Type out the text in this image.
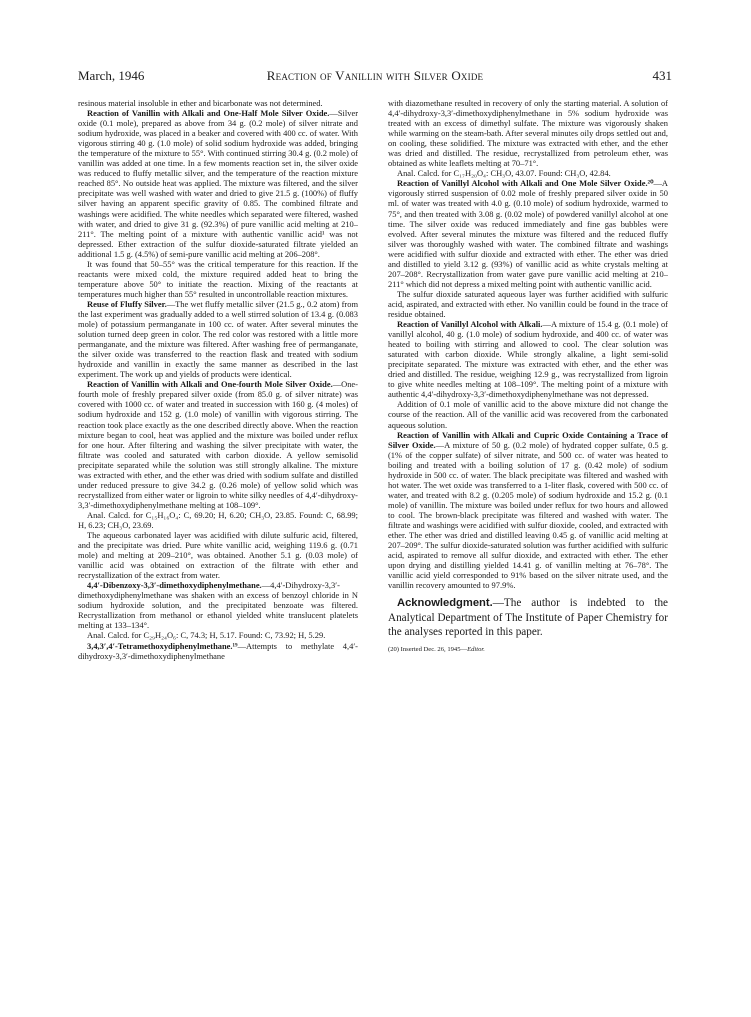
March, 1946	Reaction of Vanillin with Silver Oxide	431

resinous material insoluble in ether and bicarbonate was not determined.

Reaction of Vanillin with Alkali and One-Half Mole Silver Oxide.—Silver oxide (0.1 mole), prepared as above from 34 g. (0.2 mole) of silver nitrate and sodium hydroxide, was placed in a beaker and covered with 400 cc. of water. With vigorous stirring 40 g. (1.0 mole) of solid sodium hydroxide was added, bringing the temperature of the mixture to 55°. With continued stirring 30.4 g. (0.2 mole) of vanillin was added at one time. In a few moments reaction set in, the silver oxide was reduced to fluffy metallic silver, and the temperature of the reaction mixture reached 85°. No outside heat was applied. The mixture was filtered, and the silver precipitate was well washed with water and dried to give 21.5 g. (100%) of fluffy silver having an apparent specific gravity of 0.85. The combined filtrate and washings were acidified. The white needles which separated were filtered, washed with water, and dried to give 31 g. (92.3%) of pure vanillic acid melting at 210–211°. The melting point of a mixture with authentic vanillic acid¹ was not depressed. Ether extraction of the sulfur dioxide-saturated filtrate yielded an additional 1.5 g. (4.5%) of semi-pure vanillic acid melting at 206–208°.

It was found that 50–55° was the critical temperature for this reaction. If the reactants were mixed cold, the mixture required added heat to bring the temperature above 50° to initiate the reaction. Mixing of the reactants at temperatures much higher than 55° resulted in uncontrollable reaction mixtures.

Reuse of Fluffy Silver.—The wet fluffy metallic silver (21.5 g., 0.2 atom) from the last experiment was gradually added to a well stirred solution of 13.4 g. (0.083 mole) of potassium permanganate in 100 cc. of water. After several minutes the solution turned deep green in color. The red color was restored with a little more permanganate, and the mixture was filtered. After washing free of permanganate, the silver oxide was transferred to the reaction flask and treated with sodium hydroxide and vanillin in exactly the same manner as described in the last experiment. The work up and yields of products were identical.

Reaction of Vanillin with Alkali and One-fourth Mole Silver Oxide.—One-fourth mole of freshly prepared silver oxide (from 85.0 g. of silver nitrate) was covered with 1000 cc. of water and treated in succession with 160 g. (4 moles) of sodium hydroxide and 152 g. (1.0 mole) of vanillin with vigorous stirring. The reaction took place exactly as the one described directly above. When the reaction mixture began to cool, heat was applied and the mixture was boiled under reflux for one hour. After filtering and washing the silver precipitate with water, the filtrate was cooled and saturated with carbon dioxide. A yellow semisolid precipitate separated while the solution was still strongly alkaline. The mixture was extracted with ether, and the ether was dried with sodium sulfate and distilled under reduced pressure to give 34.2 g. (0.26 mole) of yellow solid which was recrystallized from either water or ligroin to white silky needles of 4,4′-dihydroxy-3,3′-dimethoxydiphenylmethane melting at 108–109°.

Anal. Calcd. for C₁₅H₁₆O₄: C, 69.20; H, 6.20; CH₃O, 23.85. Found: C, 68.99; H, 6.23; CH₃O, 23.69.

The aqueous carbonated layer was acidified with dilute sulfuric acid, filtered, and the precipitate was dried. Pure white vanillic acid, weighing 119.6 g. (0.71 mole) and melting at 209–210°, was obtained. Another 5.1 g. (0.03 mole) of vanillic acid was obtained on extraction of the filtrate with ether and recrystallization of the extract from water.

4,4′-Dibenzoxy-3,3′-dimethoxydiphenylmethane.—4,4′-Dihydroxy-3,3′-dimethoxydiphenylmethane was shaken with an excess of benzoyl chloride in N sodium hydroxide solution, and the precipitated benzoate was filtered. Recrystallization from methanol or ethanol yielded white translucent platelets melting at 133–134°.

Anal. Calcd. for C₂₉H₂₄O₆: C, 74.3; H, 5.17. Found: C, 73.92; H, 5.29.

3,4,3′,4′-Tetramethoxydiphenylmethane.¹⁹—Attempts to methylate 4,4′-dihydroxy-3,3′-dimethoxydiphenylmethane

with diazomethane resulted in recovery of only the starting material. A solution of 4,4′-dihydroxy-3,3′-dimethoxydiphenylmethane in 5% sodium hydroxide was treated with an excess of dimethyl sulfate. The mixture was vigorously shaken while warming on the steam-bath. After several minutes oily drops settled out and, on cooling, these solidified. The mixture was extracted with ether, and the ether was dried and distilled. The residue, recrystallized from petroleum ether, was obtained as white leaflets melting at 70–71°.

Anal. Calcd. for C₁₇H₂₀O₄: CH₃O, 43.07. Found: CH₃O, 42.84.

Reaction of Vanillyl Alcohol with Alkali and One Mole Silver Oxide.²⁰—A vigorously stirred suspension of 0.02 mole of freshly prepared silver oxide in 50 ml. of water was treated with 4.0 g. (0.10 mole) of sodium hydroxide, warmed to 75°, and then treated with 3.08 g. (0.02 mole) of powdered vanillyl alcohol at one time. The silver oxide was reduced immediately and fine gas bubbles were evolved. After several minutes the mixture was filtered and the reduced fluffy silver was thoroughly washed with water. The combined filtrate and washings were acidified with sulfur dioxide and extracted with ether. The ether was dried and distilled to yield 3.12 g. (93%) of vanillic acid as white crystals melting at 207–208°. Recrystallization from water gave pure vanillic acid melting at 210–211° which did not depress a mixed melting point with authentic vanillic acid.

The sulfur dioxide saturated aqueous layer was further acidified with sulfuric acid, aspirated, and extracted with ether. No vanillin could be found in the trace of residue obtained.

Reaction of Vanillyl Alcohol with Alkali.—A mixture of 15.4 g. (0.1 mole) of vanillyl alcohol, 40 g. (1.0 mole) of sodium hydroxide, and 400 cc. of water was heated to boiling with stirring and allowed to cool. The clear solution was saturated with carbon dioxide. While strongly alkaline, a light semi-solid precipitate separated. The mixture was extracted with ether, and the ether was dried and distilled. The residue, weighing 12.9 g., was recrystallized from ligroin to give white needles melting at 108–109°. The melting point of a mixture with authentic 4,4′-dihydroxy-3,3′-dimethoxydiphenylmethane was not depressed.

Addition of 0.1 mole of vanillic acid to the above mixture did not change the course of the reaction. All of the vanillic acid was recovered from the carbonated aqueous solution.

Reaction of Vanillin with Alkali and Cupric Oxide Containing a Trace of Silver Oxide.—A mixture of 50 g. (0.2 mole) of hydrated copper sulfate, 0.5 g. (1% of the copper sulfate) of silver nitrate, and 500 cc. of water was heated to boiling and treated with a boiling solution of 17 g. (0.42 mole) of sodium hydroxide in 500 cc. of water. The black precipitate was filtered and washed with hot water. The wet oxide was transferred to a 1-liter flask, covered with 500 cc. of water, and treated with 8.2 g. (0.205 mole) of sodium hydroxide and 15.2 g. (0.1 mole) of vanillin. The mixture was boiled under reflux for two hours and allowed to cool. The brown-black precipitate was filtered and washed with water. The filtrate and washings were acidified with sulfur dioxide, cooled, and extracted with ether. The ether was dried and distilled leaving 0.45 g. of vanillic acid melting at 207–209°. The sulfur dioxide-saturated solution was further acidified with sulfuric acid, aspirated to remove all sulfur dioxide, and extracted with ether. The ether upon drying and distilling yielded 14.41 g. of vanillin melting at 76–78°. The vanillic acid yield corresponded to 91% based on the silver nitrate used, and the vanillin recovery amounted to 97.9%.

Acknowledgment.—The author is indebted to the Analytical Department of The Institute of Paper Chemistry for the analyses reported in this paper.

(20) Inserted Dec. 26, 1945—Editor.
